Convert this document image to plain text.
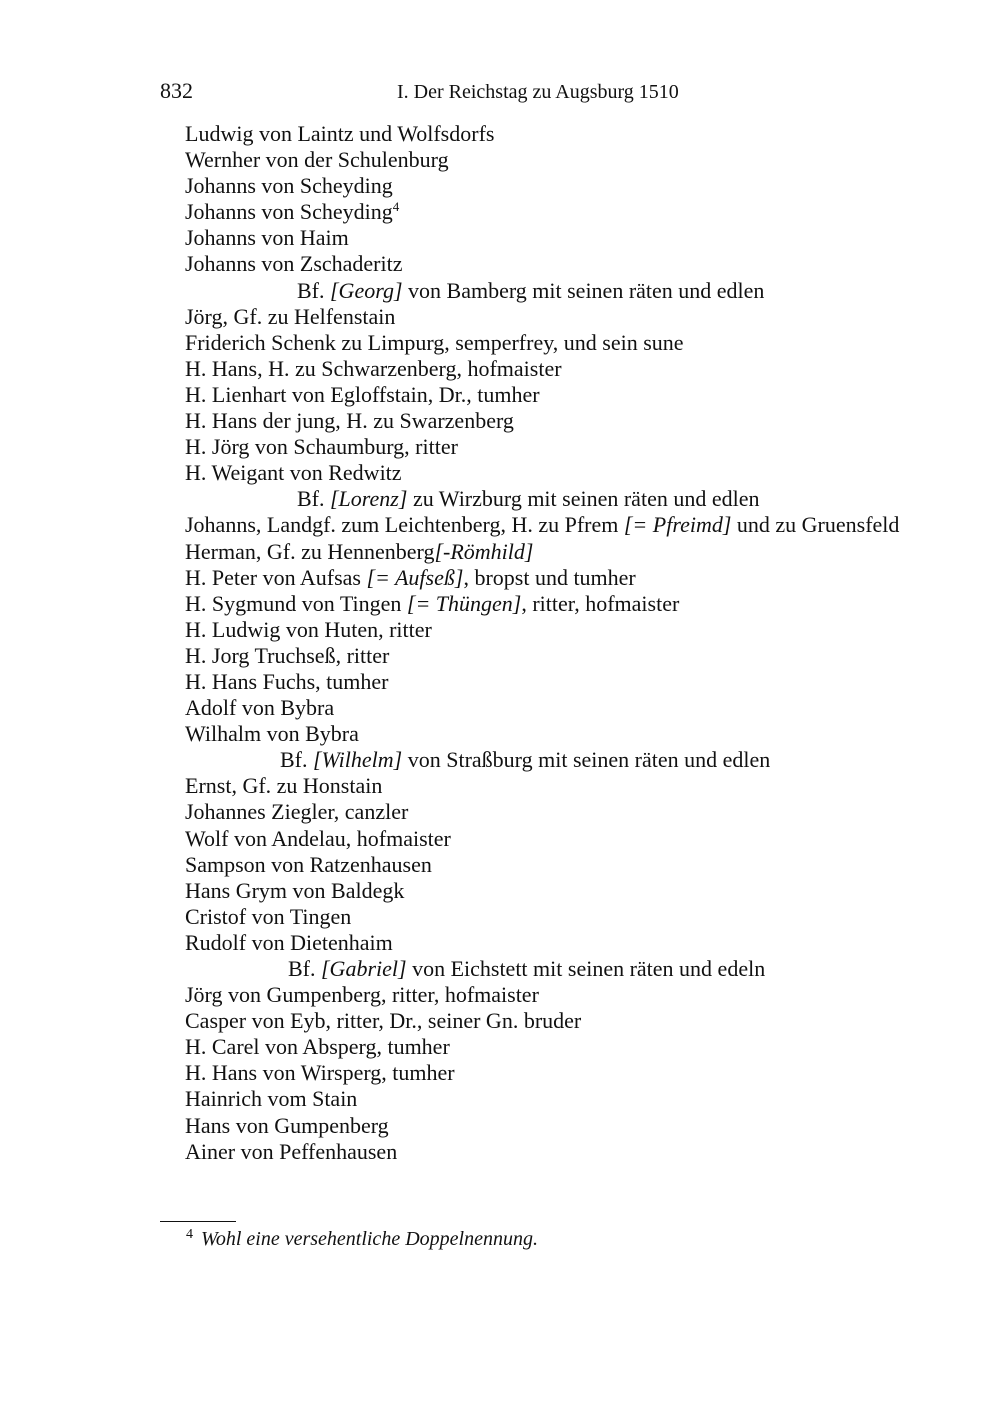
832	I. Der Reichstag zu Augsburg 1510
Ludwig von Laintz und Wolfsdorfs
Wernher von der Schulenburg
Johanns von Scheyding
Johanns von Scheyding$^4$
Johanns von Haim
Johanns von Zschaderitz
Bf. [Georg] von Bamberg mit seinen räten und edlen
Jörg, Gf. zu Helfenstain
Friderich Schenk zu Limpurg, semperfrey, und sein sune
H. Hans, H. zu Schwarzenberg, hofmaister
H. Lienhart von Egloffstain, Dr., tumher
H. Hans der jung, H. zu Swarzenberg
H. Jörg von Schaumburg, ritter
H. Weigant von Redwitz
Bf. [Lorenz] zu Wirzburg mit seinen räten und edlen
Johanns, Landgf. zum Leichtenberg, H. zu Pfrem [= Pfreimd] und zu Gruensfeld
Herman, Gf. zu Hennenberg[-Römhild]
H. Peter von Aufsas [= Aufseß], bropst und tumher
H. Sygmund von Tingen [= Thüngen], ritter, hofmaister
H. Ludwig von Huten, ritter
H. Jorg Truchseß, ritter
H. Hans Fuchs, tumher
Adolf von Bybra
Wilhalm von Bybra
Bf. [Wilhelm] von Straßburg mit seinen räten und edlen
Ernst, Gf. zu Honstain
Johannes Ziegler, canzler
Wolf von Andelau, hofmaister
Sampson von Ratzenhausen
Hans Grym von Baldegk
Cristof von Tingen
Rudolf von Dietenhaim
Bf. [Gabriel] von Eichstett mit seinen räten und edeln
Jörg von Gumpenberg, ritter, hofmaister
Casper von Eyb, ritter, Dr., seiner Gn. bruder
H. Carel von Absperg, tumher
H. Hans von Wirsperg, tumher
Hainrich vom Stain
Hans von Gumpenberg
Ainer von Peffenhausen
$^4$ Wohl eine versehentliche Doppelnennung.
